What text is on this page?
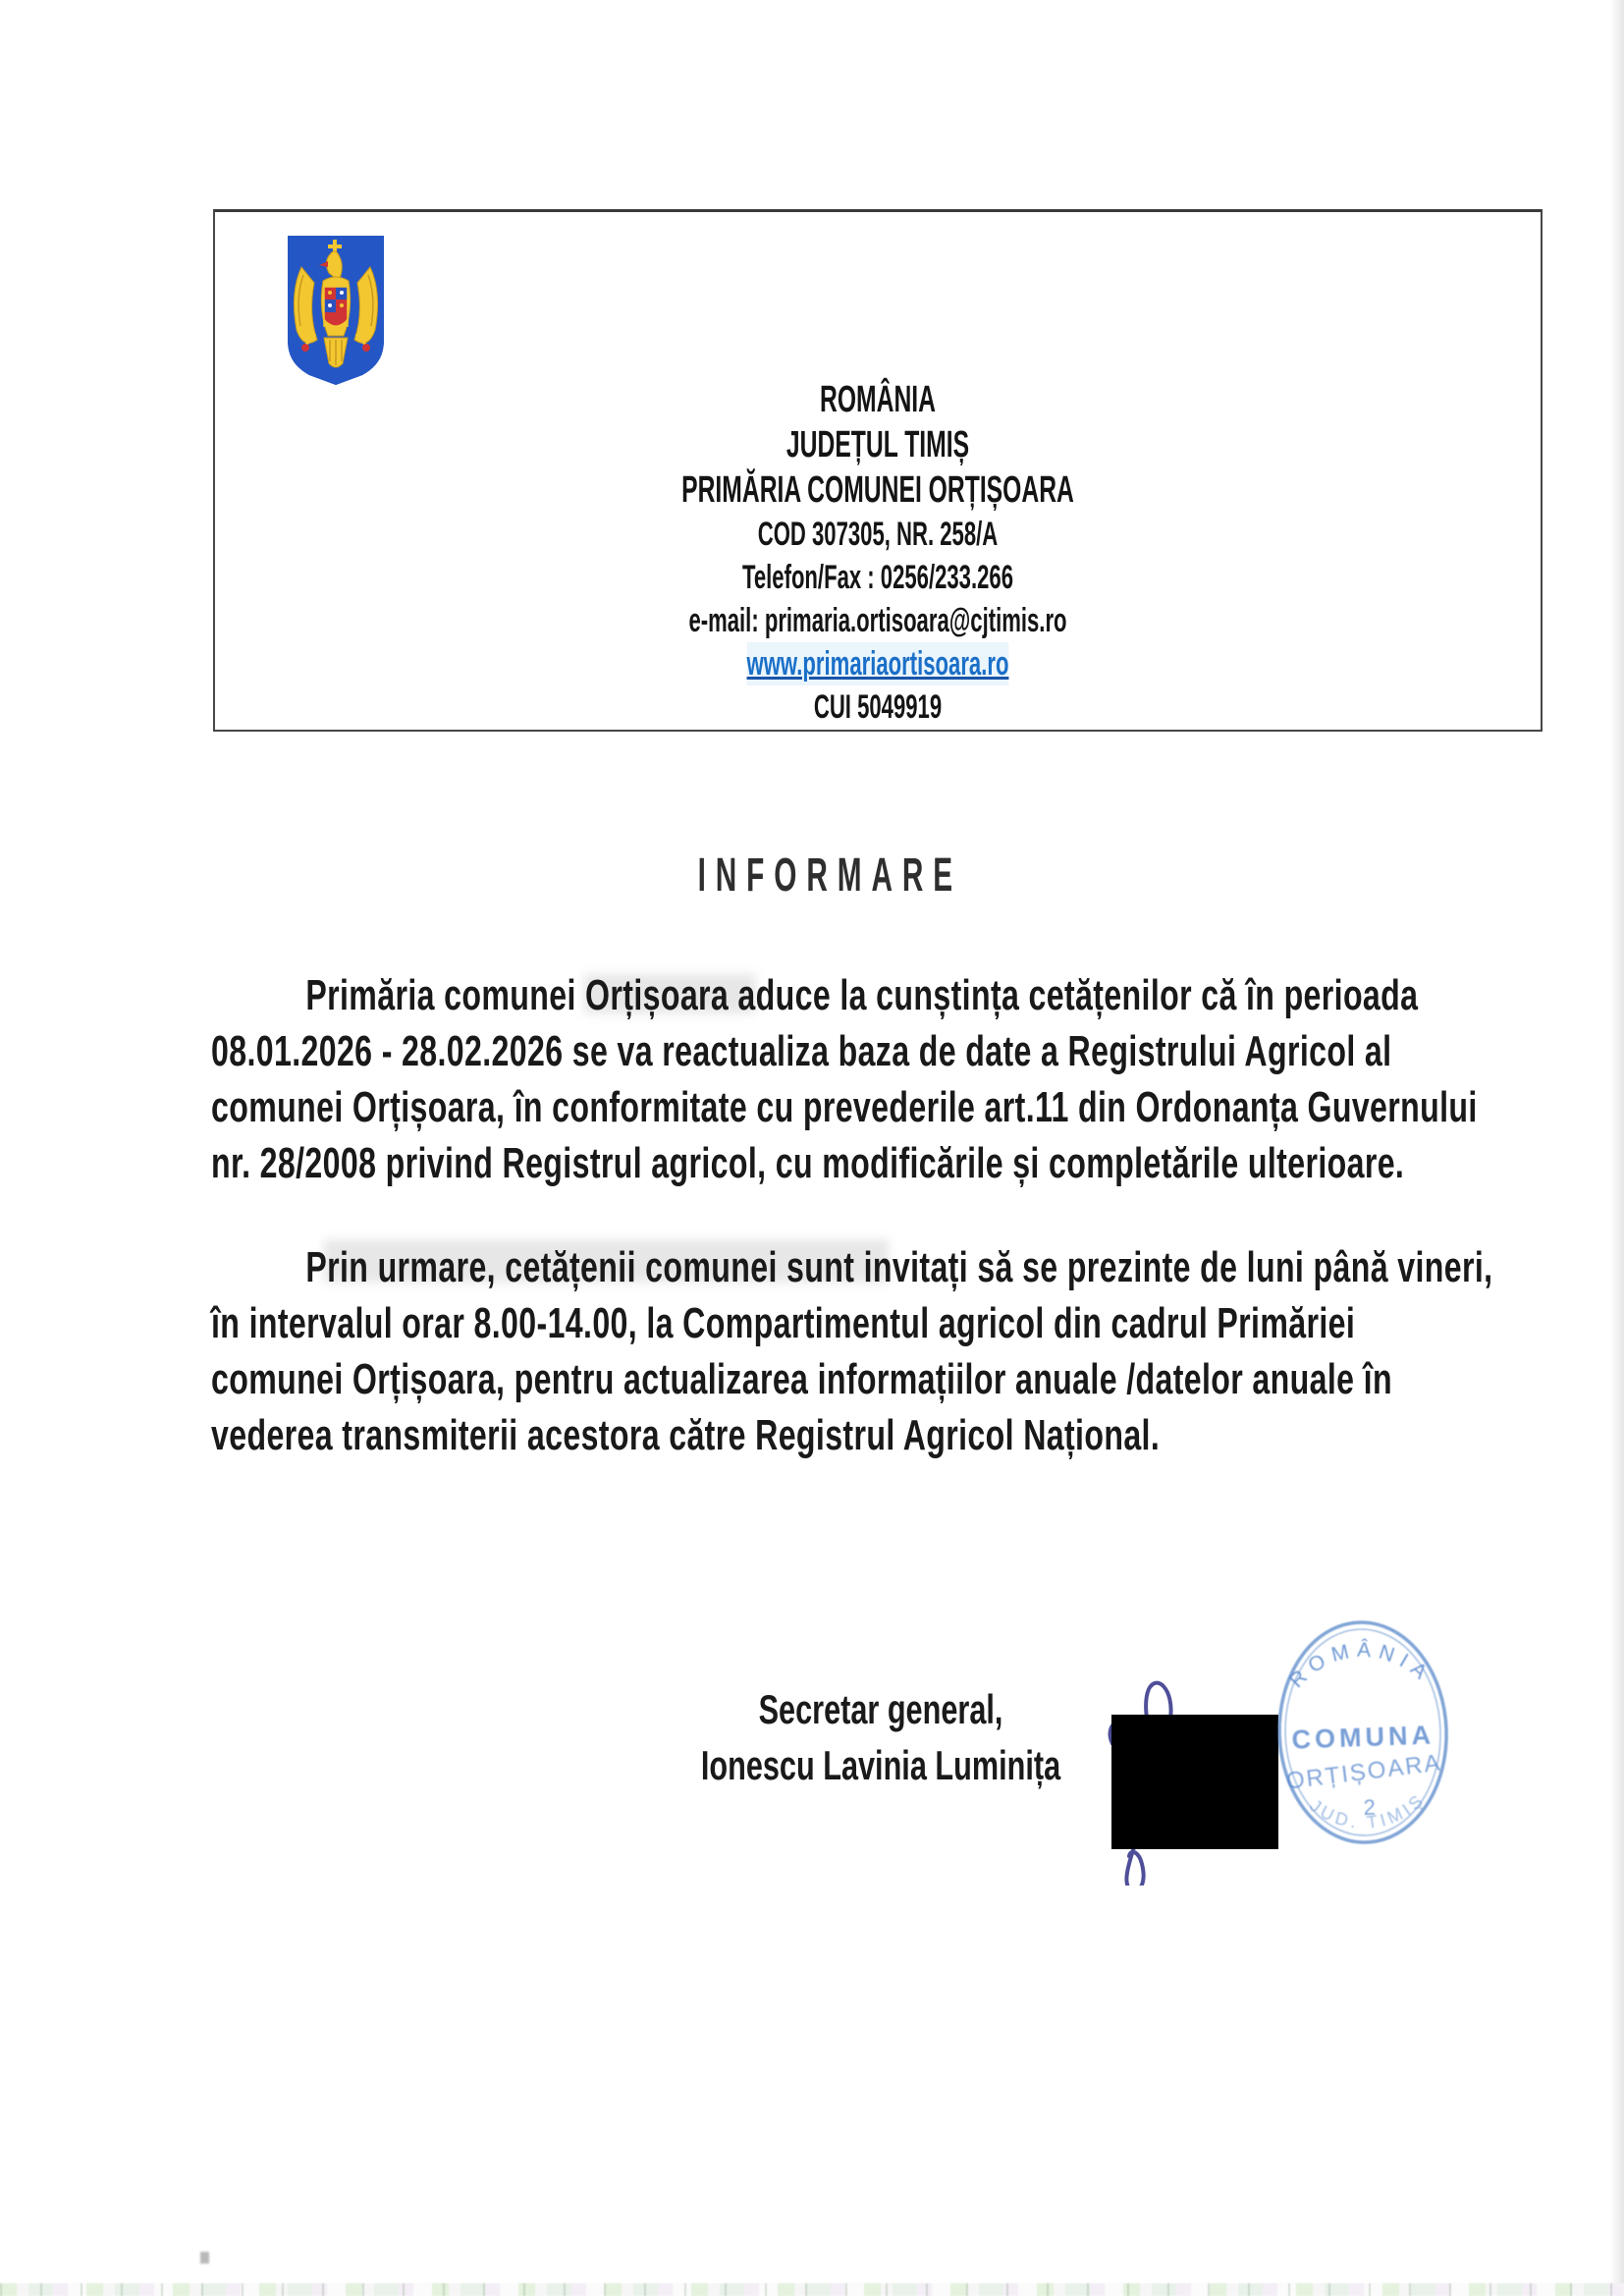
ROMÂNIA
JUDEȚUL TIMIȘ
PRIMĂRIA COMUNEI ORȚIȘOARA
COD 307305, NR. 258/A
Telefon/Fax : 0256/233.266
e-mail: primaria.ortisoara@cjtimis.ro
www.primariaortisoara.ro
CUI 5049919
INFORMARE
Primăria comunei Orțișoara aduce la cunștința cetățenilor că în perioada
08.01.2026 - 28.02.2026 se va reactualiza baza de date a Registrului Agricol al
comunei Orțișoara, în conformitate cu prevederile art.11 din Ordonanța Guvernului
nr. 28/2008 privind Registrul agricol, cu modificările și completările ulterioare.
Prin urmare, cetățenii comunei sunt invitați să se prezinte de luni până vineri,
în intervalul orar 8.00-14.00, la Compartimentul agricol din cadrul Primăriei
comunei Orțișoara, pentru actualizarea informațiilor anuale /datelor anuale în
vederea transmiterii acestora către Registrul Agricol Național.
Secretar general,
Ionescu Lavinia Luminița
ROMÂNIA
COMUNA
ORȚIȘOARA
2
JUD. TIMIȘ
